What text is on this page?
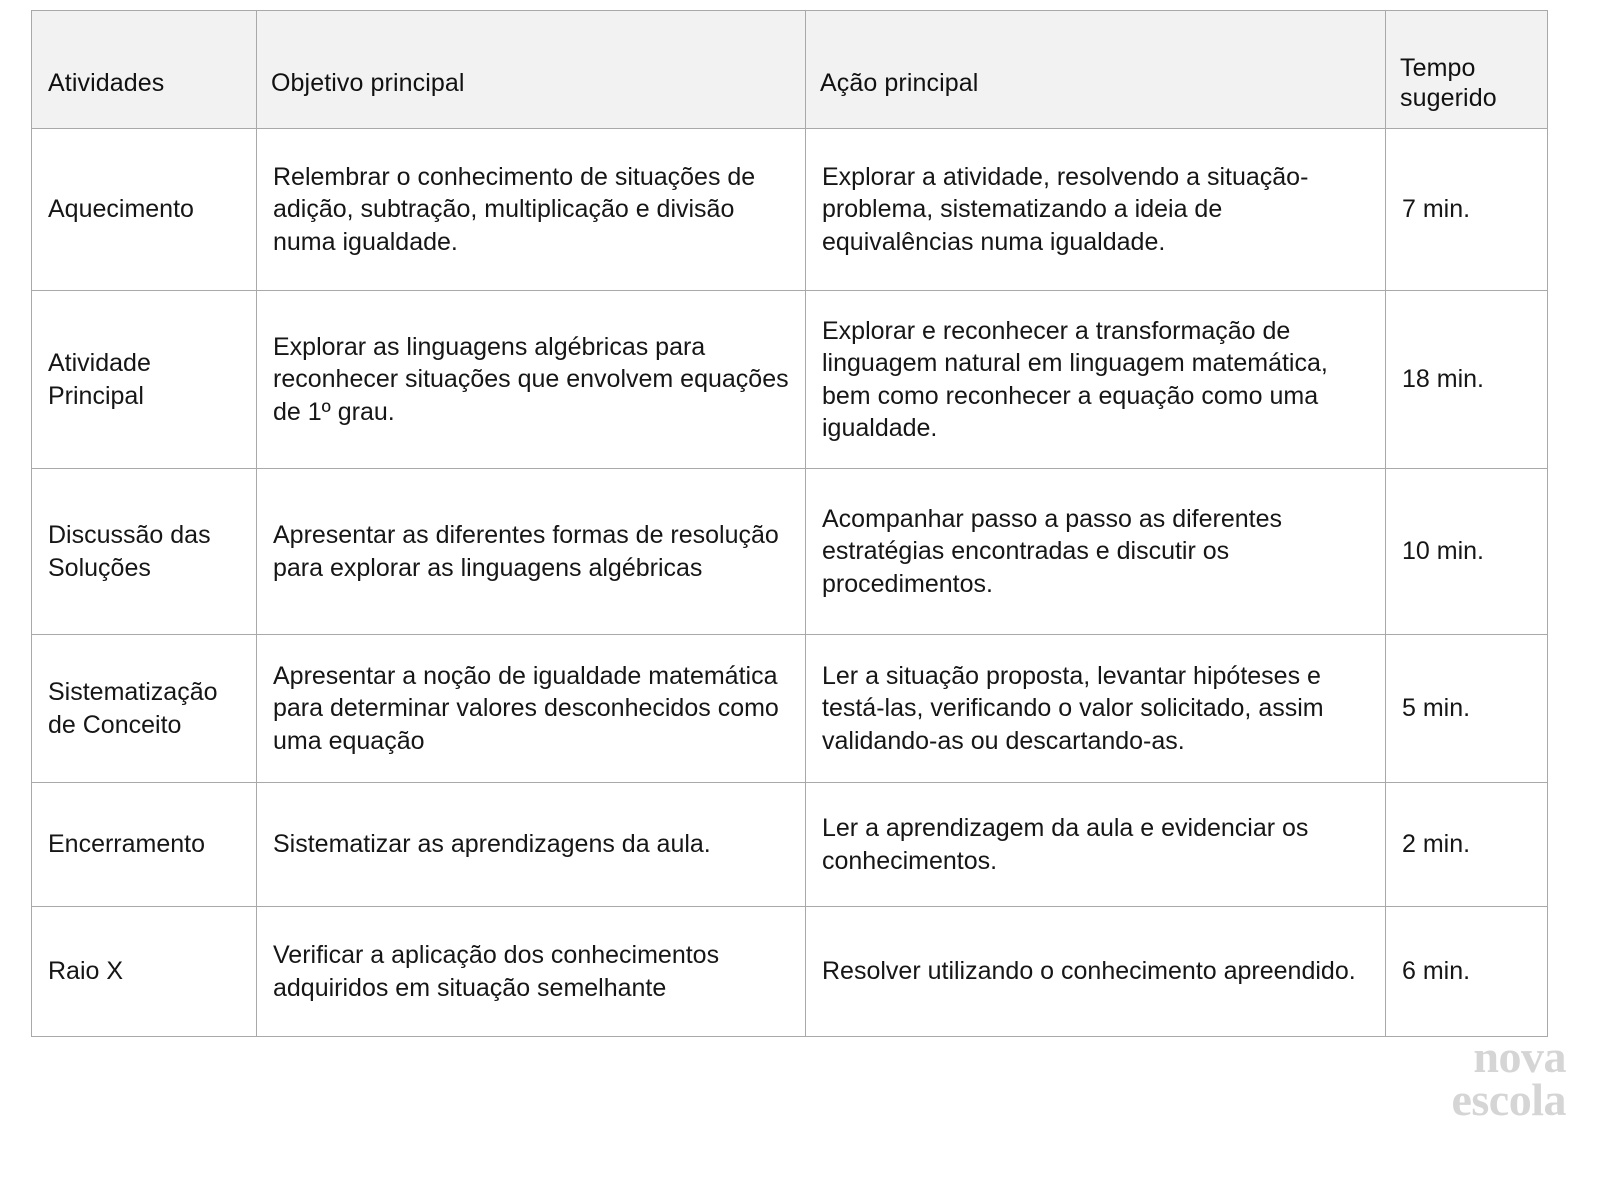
Atividades	Objetivo principal	Ação principal	Tempo sugerido
Aquecimento	Relembrar o conhecimento de situações de adição, subtração, multiplicação e divisão numa igualdade.	Explorar a atividade, resolvendo a situação-problema, sistematizando a ideia de equivalências numa igualdade.	7 min.
Atividade Principal	Explorar as linguagens algébricas para reconhecer situações que envolvem equações de 1º grau.	Explorar e reconhecer a transformação de linguagem natural em linguagem matemática, bem como reconhecer a equação como uma igualdade.	18 min.
Discussão das Soluções	Apresentar as diferentes formas de resolução para explorar as linguagens algébricas	Acompanhar passo a passo as diferentes estratégias encontradas e discutir os procedimentos.	10 min.
Sistematização de Conceito	Apresentar a noção de igualdade matemática para determinar valores desconhecidos como uma equação	Ler a situação proposta, levantar hipóteses e testá-las, verificando o valor solicitado, assim validando-as ou descartando-as.	5 min.
Encerramento	Sistematizar as aprendizagens da aula.	Ler a aprendizagem da aula e evidenciar os conhecimentos.	2 min.
Raio X	Verificar a aplicação dos conhecimentos adquiridos em situação semelhante	Resolver utilizando o conhecimento apreendido.	6 min.
nova
escola
